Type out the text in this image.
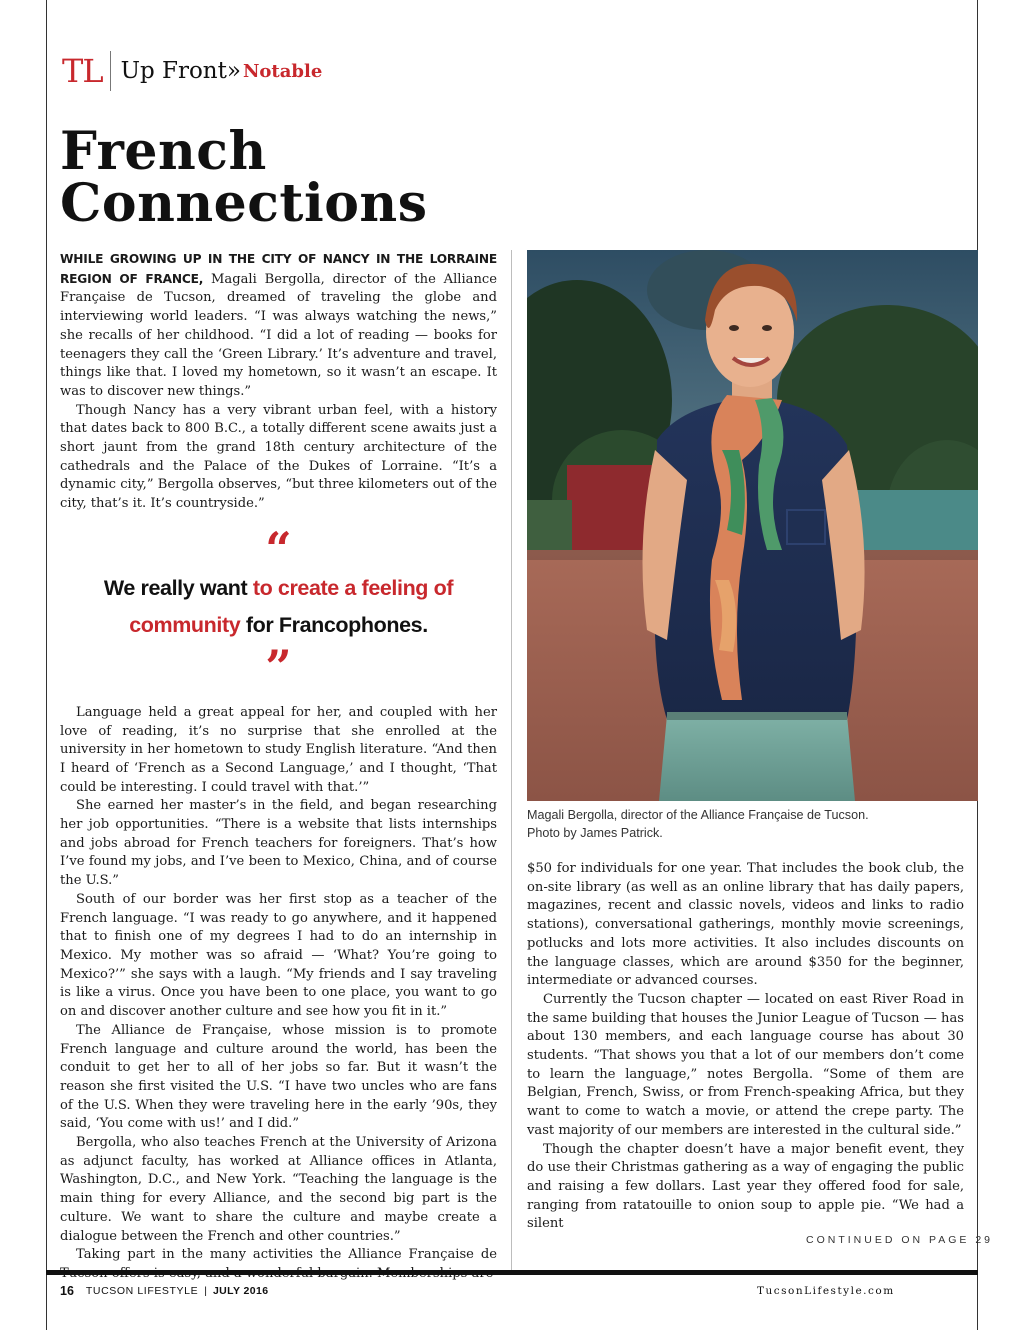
TL Up Front» Notable
French
Connections

WHILE GROWING UP IN THE CITY OF NANCY IN THE LORRAINE REGION OF FRANCE, Magali Bergolla, director of the Alliance Française de Tucson, dreamed of traveling the globe and interviewing world leaders. “I was always watching the news,” she recalls of her childhood. “I did a lot of reading — books for teenagers they call the ‘Green Library.’ It’s adventure and travel, things like that. I loved my hometown, so it wasn’t an escape. It was to discover new things.”

Though Nancy has a very vibrant urban feel, with a history that dates back to 800 B.C., a totally different scene awaits just a short jaunt from the grand 18th century architecture of the cathedrals and the Palace of the Dukes of Lorraine. “It’s a dynamic city,” Bergolla observes, “but three kilometers out of the city, that’s it. It’s countryside.”

“
We really want to create a feeling of community for Francophones.
”

Language held a great appeal for her, and coupled with her love of reading, it’s no surprise that she enrolled at the university in her hometown to study English literature. “And then I heard of ‘French as a Second Language,’ and I thought, ‘That could be interesting. I could travel with that.’”

She earned her master’s in the field, and began researching her job opportunities. “There is a website that lists internships and jobs abroad for French teachers for foreigners. That’s how I’ve found my jobs, and I’ve been to Mexico, China, and of course the U.S.”

South of our border was her first stop as a teacher of the French language. “I was ready to go anywhere, and it happened that to finish one of my degrees I had to do an internship in Mexico. My mother was so afraid — ‘What? You’re going to Mexico?’” she says with a laugh. “My friends and I say traveling is like a virus. Once you have been to one place, you want to go on and discover another culture and see how you fit in it.”

The Alliance de Française, whose mission is to promote French language and culture around the world, has been the conduit to get her to all of her jobs so far. But it wasn’t the reason she first visited the U.S. “I have two uncles who are fans of the U.S. When they were traveling here in the early ’90s, they said, ‘You come with us!’ and I did.”

Bergolla, who also teaches French at the University of Arizona as adjunct faculty, has worked at Alliance offices in Atlanta, Washington, D.C., and New York. “Teaching the language is the main thing for every Alliance, and the second big part is the culture. We want to share the culture and maybe create a dialogue between the French and other countries.”

Taking part in the many activities the Alliance Française de

Magali Bergolla, director of the Alliance Française de Tucson.
Photo by James Patrick.

$50 for individuals for one year. That includes the book club, the on-site library (as well as an online library that has daily papers, magazines, recent and classic novels, videos and links to radio stations), conversational gatherings, monthly movie screenings, potlucks and lots more activities. It also includes discounts on the language classes, which are around $350 for the beginner, intermediate or advanced courses.

Currently the Tucson chapter — located on east River Road in the same building that houses the Junior League of Tucson — has about 130 members, and each language course has about 30 students. “That shows you that a lot of our members don’t come to learn the language,” notes Bergolla. “Some of them are Belgian, French, Swiss, or from French-speaking Africa, but they want to come to watch a movie, or attend the crepe party. The vast majority of our members are interested in the cultural side.”

Though the chapter doesn’t have a major benefit event, they do use their Christmas gathering as a way of engaging the public and raising a few dollars. Last year they offered food for sale, ranging from ratatouille to onion soup to apple pie. “We had a silent

CONTINUED ON PAGE 29
16 TUCSON LIFESTYLE | JULY 2016	TucsonLifestyle.com
